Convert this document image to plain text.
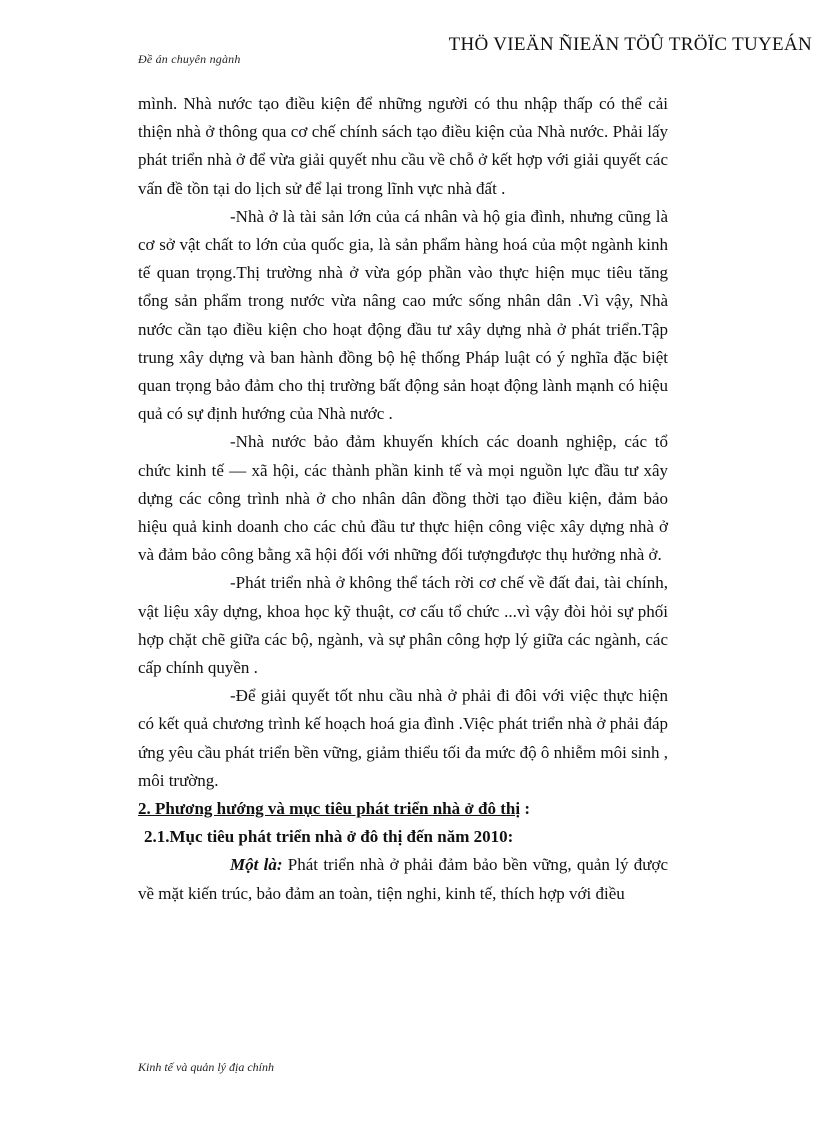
Đề án chuyên ngành
THÖ VIEÄN ÑIEÄN TÖÛ TRÖÏC TUYEÁN

mình. Nhà nước tạo điều kiện để những người có thu nhập thấp có thể cải thiện nhà ở thông qua cơ chế chính sách tạo điều kiện của Nhà nước. Phải lấy phát triển nhà ở để vừa giải quyết nhu cầu về chỗ ở kết hợp với giải quyết các vấn đề tồn tại do lịch sử để lại trong lĩnh vực nhà đất .

-Nhà ở là tài sản lớn của cá nhân và hộ gia đình, nhưng cũng là cơ sở vật chất to lớn của quốc gia, là sản phẩm hàng hoá của một ngành kinh tế quan trọng.Thị trường nhà ở vừa góp phần vào thực hiện mục tiêu tăng tổng sản phẩm trong nước vừa nâng cao mức sống nhân dân .Vì vậy, Nhà nước cần tạo điều kiện cho hoạt động đầu tư xây dựng nhà ở phát triển.Tập trung xây dựng và ban hành đồng bộ hệ thống Pháp luật có ý nghĩa đặc biệt quan trọng bảo đảm cho thị trường bất động sản hoạt động lành mạnh có hiệu quả có sự định hướng của Nhà nước .

-Nhà nước bảo đảm khuyến khích các doanh nghiệp, các tổ chức kinh tế — xã hội, các thành phần kinh tế và mọi nguồn lực đầu tư xây dựng các công trình nhà ở cho nhân dân đồng thời tạo điều kiện, đảm bảo hiệu quả kinh doanh cho các chủ đầu tư thực hiện công việc xây dựng nhà ở và đảm bảo công bằng xã hội đối với những đối tượngđược thụ hưởng nhà ở.

-Phát triển nhà ở không thể tách rời cơ chế về đất đai, tài chính, vật liệu xây dựng, khoa học kỹ thuật, cơ cấu tổ chức ...vì vậy đòi hỏi sự phối hợp chặt chẽ giữa các bộ, ngành, và sự phân công hợp lý giữa các ngành, các cấp chính quyền .

-Để giải quyết tốt nhu cầu nhà ở phải đi đôi với việc thực hiện có kết quả chương trình kế hoạch hoá gia đình .Việc phát triển nhà ở phải đáp ứng yêu cầu phát triển bền vững, giảm thiểu tối đa mức độ ô nhiễm môi sinh , môi trường.

2. Phương hướng và mục tiêu phát triển nhà ở đô thị :

2.1.Mục tiêu phát triển nhà ở đô thị đến năm 2010:

Một là: Phát triển nhà ở phải đảm bảo bền vững, quản lý được về mặt kiến trúc, bảo đảm an toàn, tiện nghi, kinh tế, thích hợp với điều

Kinh tế và quản lý địa chính
